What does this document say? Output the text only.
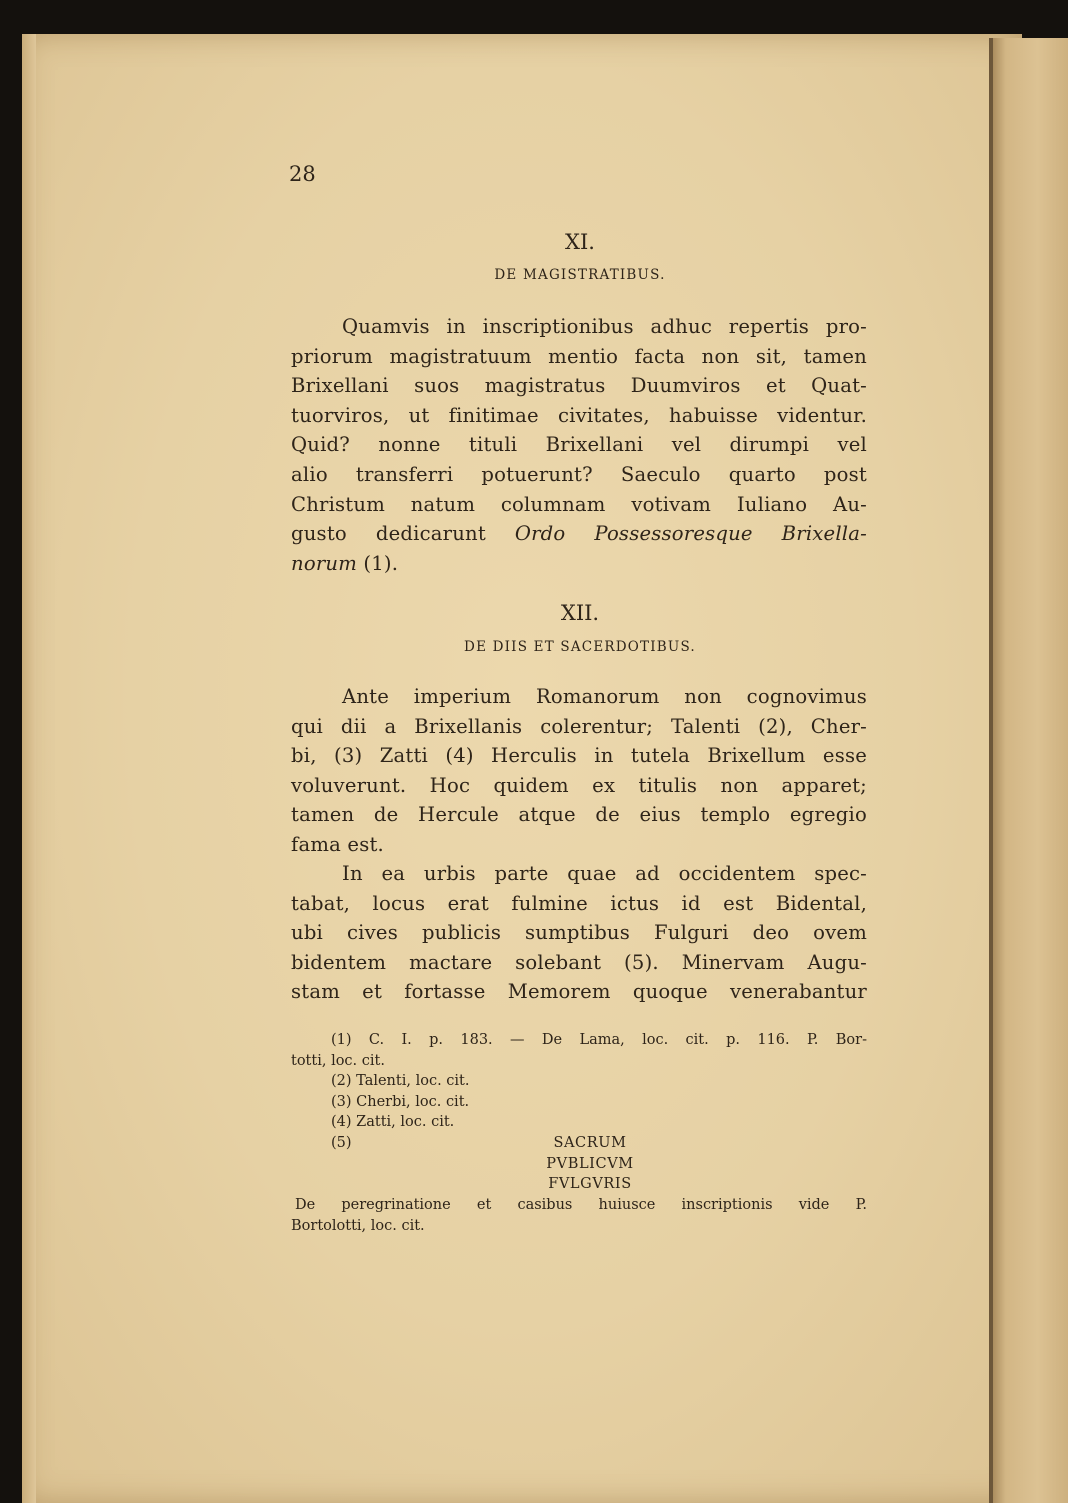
28
XI.
DE MAGISTRATIBUS.

Quamvis in inscriptionibus adhuc repertis pro-
priorum magistratuum mentio facta non sit, tamen
Brixellani suos magistratus Duumviros et Quat-
tuorviros, ut finitimae civitates, habuisse videntur.
Quid? nonne tituli Brixellani vel dirumpi vel
alio transferri potuerunt? Saeculo quarto post
Christum natum columnam votivam Iuliano Au-
gusto dedicarunt Ordo Possessoresque Brixella-
norum (1).

XII.
DE DIIS ET SACERDOTIBUS.

Ante imperium Romanorum non cognovimus
qui dii a Brixellanis colerentur; Talenti (2), Cher-
bi, (3) Zatti (4) Herculis in tutela Brixellum esse
voluverunt. Hoc quidem ex titulis non apparet;
tamen de Hercule atque de eius templo egregio
fama est.

In ea urbis parte quae ad occidentem spec-
tabat, locus erat fulmine ictus id est Bidental,
ubi cives publicis sumptibus Fulguri deo ovem
bidentem mactare solebant (5). Minervam Augu-
stam et fortasse Memorem quoque venerabantur

(1) C. I. p. 183. — De Lama, loc. cit. p. 116. P. Bor-
totti, loc. cit.
(2) Talenti, loc. cit.
(3) Cherbi, loc. cit.
(4) Zatti, loc. cit.
(5)	SACRUM
PVBLICVM
FVLGVRIS
De peregrinatione et casibus huiusce inscriptionis vide P.
Bortolotti, loc. cit.
